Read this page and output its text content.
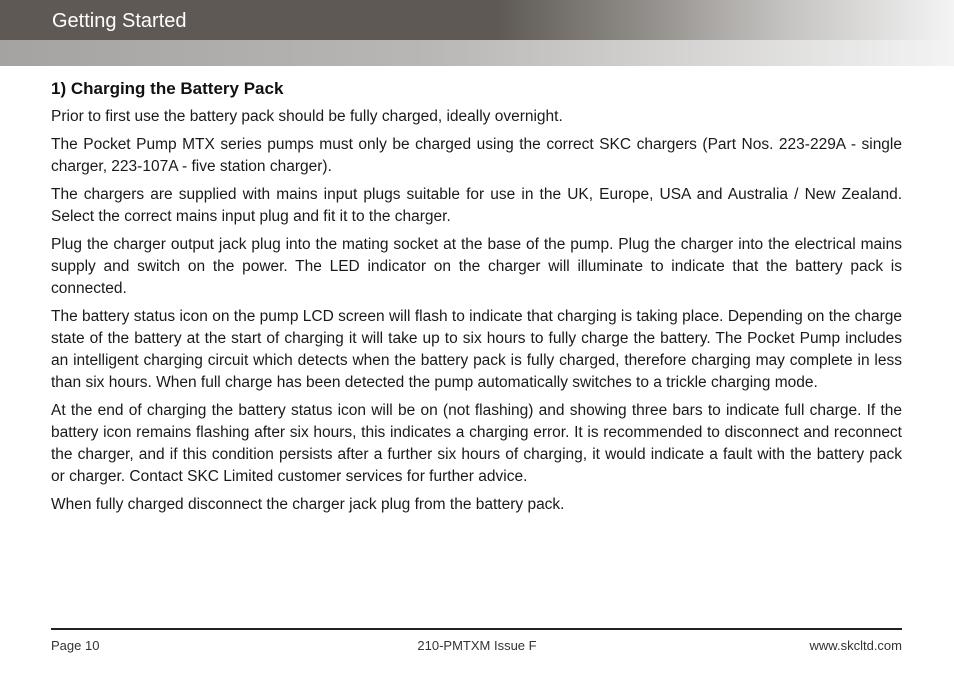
Getting Started
1) Charging the Battery Pack

Prior to first use the battery pack should be fully charged, ideally overnight.

The Pocket Pump MTX series pumps must only be charged using the correct SKC chargers (Part Nos. 223-229A - single charger, 223-107A - five station charger).

The chargers are supplied with mains input plugs suitable for use in the UK, Europe, USA and Australia / New Zealand. Select the correct mains input plug and fit it to the charger.

Plug the charger output jack plug into the mating socket at the base of the pump. Plug the charger into the electrical mains supply and switch on the power. The LED indicator on the charger will illuminate to indicate that the battery pack is connected.

The battery status icon on the pump LCD screen will flash to indicate that charging is taking place. Depending on the charge state of the battery at the start of charging it will take up to six hours to fully charge the battery. The Pocket Pump includes an intelligent charging circuit which detects when the battery pack is fully charged, therefore charging may complete in less than six hours. When full charge has been detected the pump automatically switches to a trickle charging mode.

At the end of charging the battery status icon will be on (not flashing) and showing three bars to indicate full charge. If the battery icon remains flashing after six hours, this indicates a charging error. It is recommended to disconnect and reconnect the charger, and if this condition persists after a further six hours of charging, it would indicate a fault with the battery pack or charger. Contact SKC Limited customer services for further advice.

When fully charged disconnect the charger jack plug from the battery pack.

Page 10	210-PMTXM Issue F	www.skcltd.com
